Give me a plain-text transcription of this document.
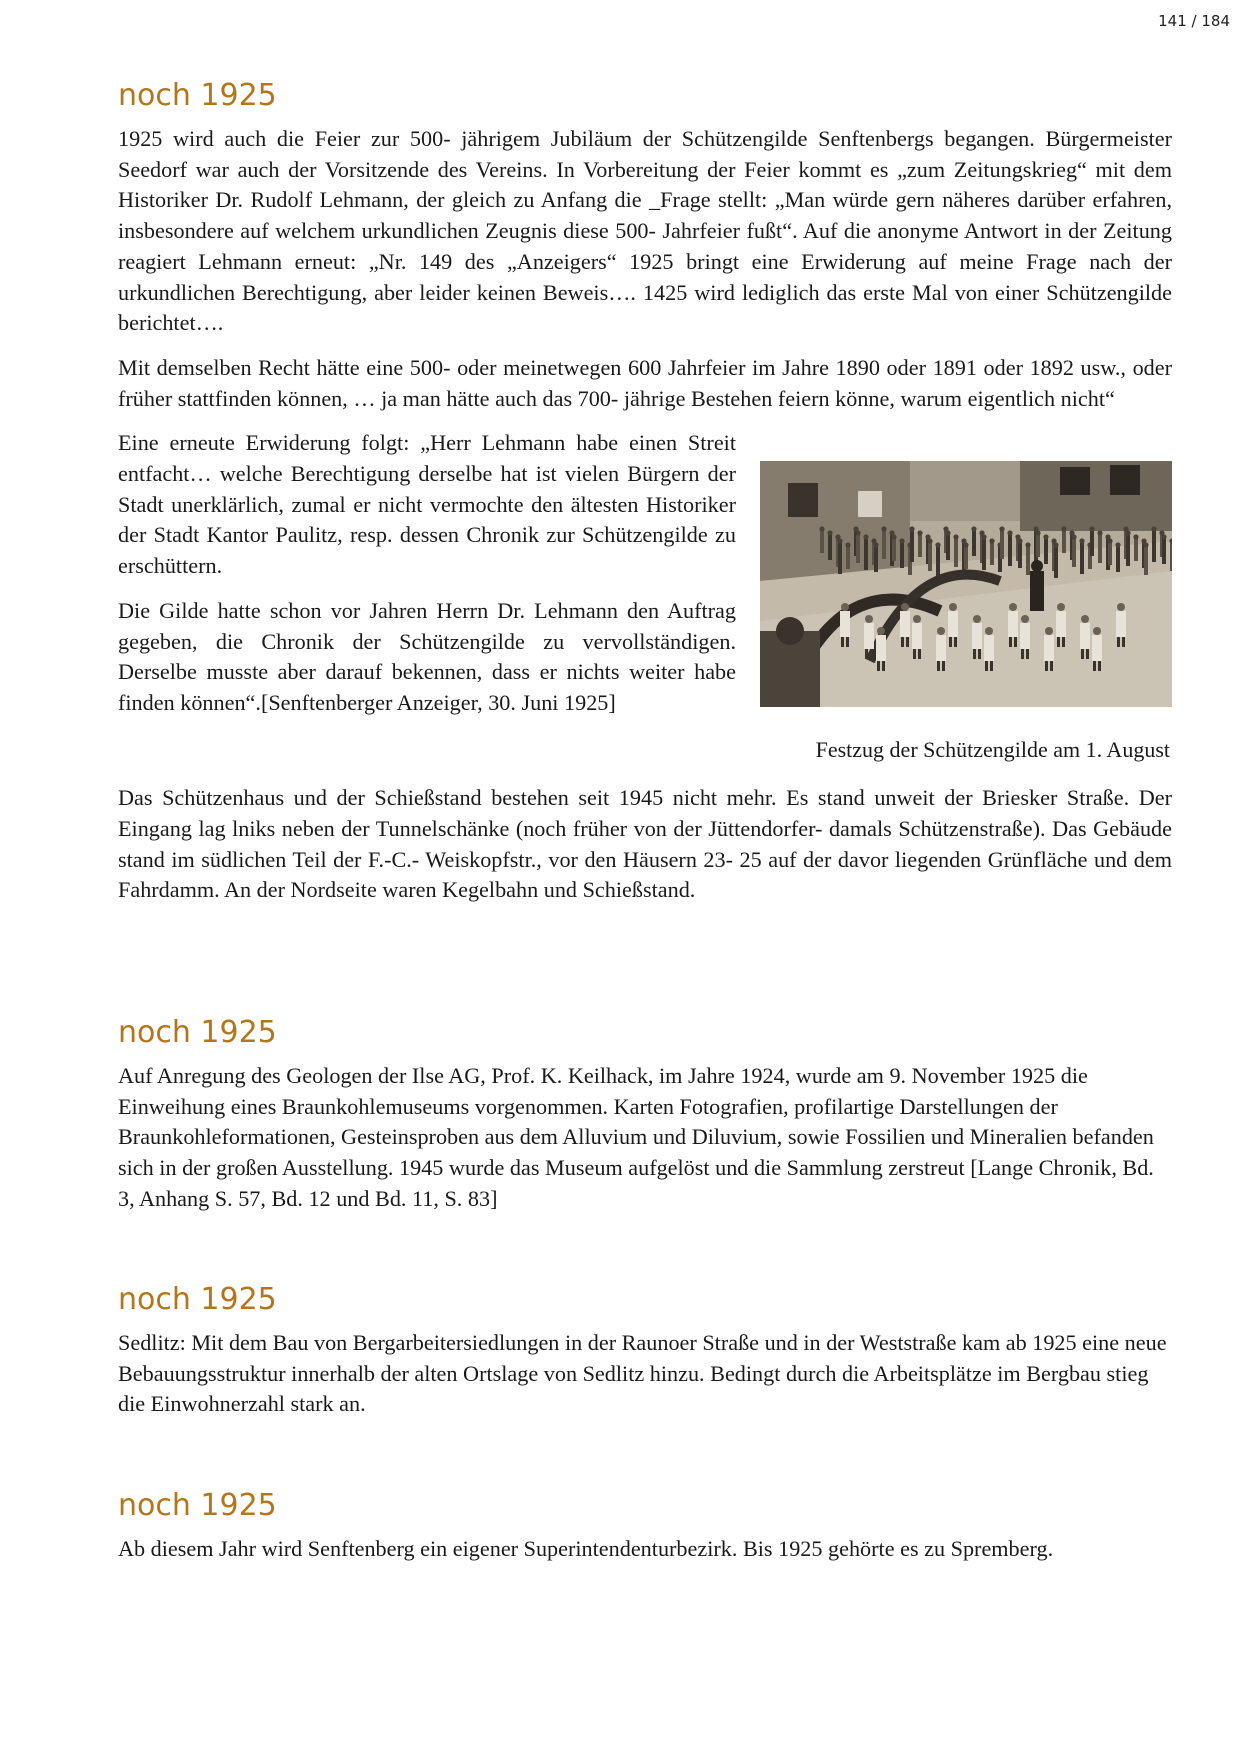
141 / 184
noch 1925

1925 wird auch die Feier zur 500- jährigem Jubiläum der Schützengilde Senftenbergs begangen. Bürgermeister Seedorf war auch der Vorsitzende des Vereins. In Vorbereitung der Feier kommt es „zum Zeitungskrieg“ mit dem Historiker Dr. Rudolf Lehmann, der gleich zu Anfang die _Frage stellt: „Man würde gern näheres darüber erfahren, insbesondere auf welchem urkundlichen Zeugnis diese 500- Jahrfeier fußt“. Auf die anonyme Antwort in der Zeitung reagiert Lehmann erneut: „Nr. 149 des „Anzeigers“ 1925 bringt eine Erwiderung auf meine Frage nach der urkundlichen Berechtigung, aber leider keinen Beweis…. 1425 wird lediglich das erste Mal von einer Schützengilde berichtet….

Mit demselben Recht hätte eine 500- oder meinetwegen 600 Jahrfeier im Jahre 1890 oder 1891 oder 1892 usw., oder früher stattfinden können, … ja man hätte auch das 700- jährige Bestehen feiern könne, warum eigentlich nicht“

Festzug der Schützengilde am 1. August

Eine erneute Erwiderung folgt: „Herr Lehmann habe einen Streit entfacht… welche Berechtigung derselbe hat ist vielen Bürgern der Stadt unerklärlich, zumal er nicht vermochte den ältesten Historiker der Stadt Kantor Paulitz, resp. dessen Chronik zur Schützengilde zu erschüttern.

Die Gilde hatte schon vor Jahren Herrn Dr. Lehmann den Auftrag gegeben, die Chronik der Schützengilde zu vervollständigen. Derselbe musste aber darauf bekennen, dass er nichts weiter habe finden können“.[Senftenberger Anzeiger, 30. Juni 1925]

Das Schützenhaus und der Schießstand bestehen seit 1945 nicht mehr. Es stand unweit der Briesker Straße. Der Eingang lag lniks neben der Tunnelschänke (noch früher von der Jüttendorfer- damals Schützenstraße). Das Gebäude stand im südlichen Teil der F.-C.- Weiskopfstr., vor den Häusern 23- 25 auf der davor liegenden Grünfläche und dem Fahrdamm. An der Nordseite waren Kegelbahn und Schießstand.

noch 1925

Auf Anregung des Geologen der Ilse AG, Prof. K. Keilhack, im Jahre 1924, wurde am 9. November 1925 die Einweihung eines Braunkohlemuseums vorgenommen. Karten Fotografien, profilartige Darstellungen der Braunkohleformationen, Gesteinsproben aus dem Alluvium und Diluvium, sowie Fossilien und Mineralien befanden sich in der großen Ausstellung. 1945 wurde das Museum aufgelöst und die Sammlung zerstreut [Lange Chronik, Bd. 3, Anhang S. 57, Bd. 12 und Bd. 11, S. 83]

noch 1925

Sedlitz: Mit dem Bau von Bergarbeitersiedlungen in der Raunoer Straße und in der Weststraße kam ab 1925 eine neue Bebauungsstruktur innerhalb der alten Ortslage von Sedlitz hinzu. Bedingt durch die Arbeitsplätze im Bergbau stieg die Einwohnerzahl stark an.

noch 1925

Ab diesem Jahr wird Senftenberg ein eigener Superintendenturbezirk. Bis 1925 gehörte es zu Spremberg.
